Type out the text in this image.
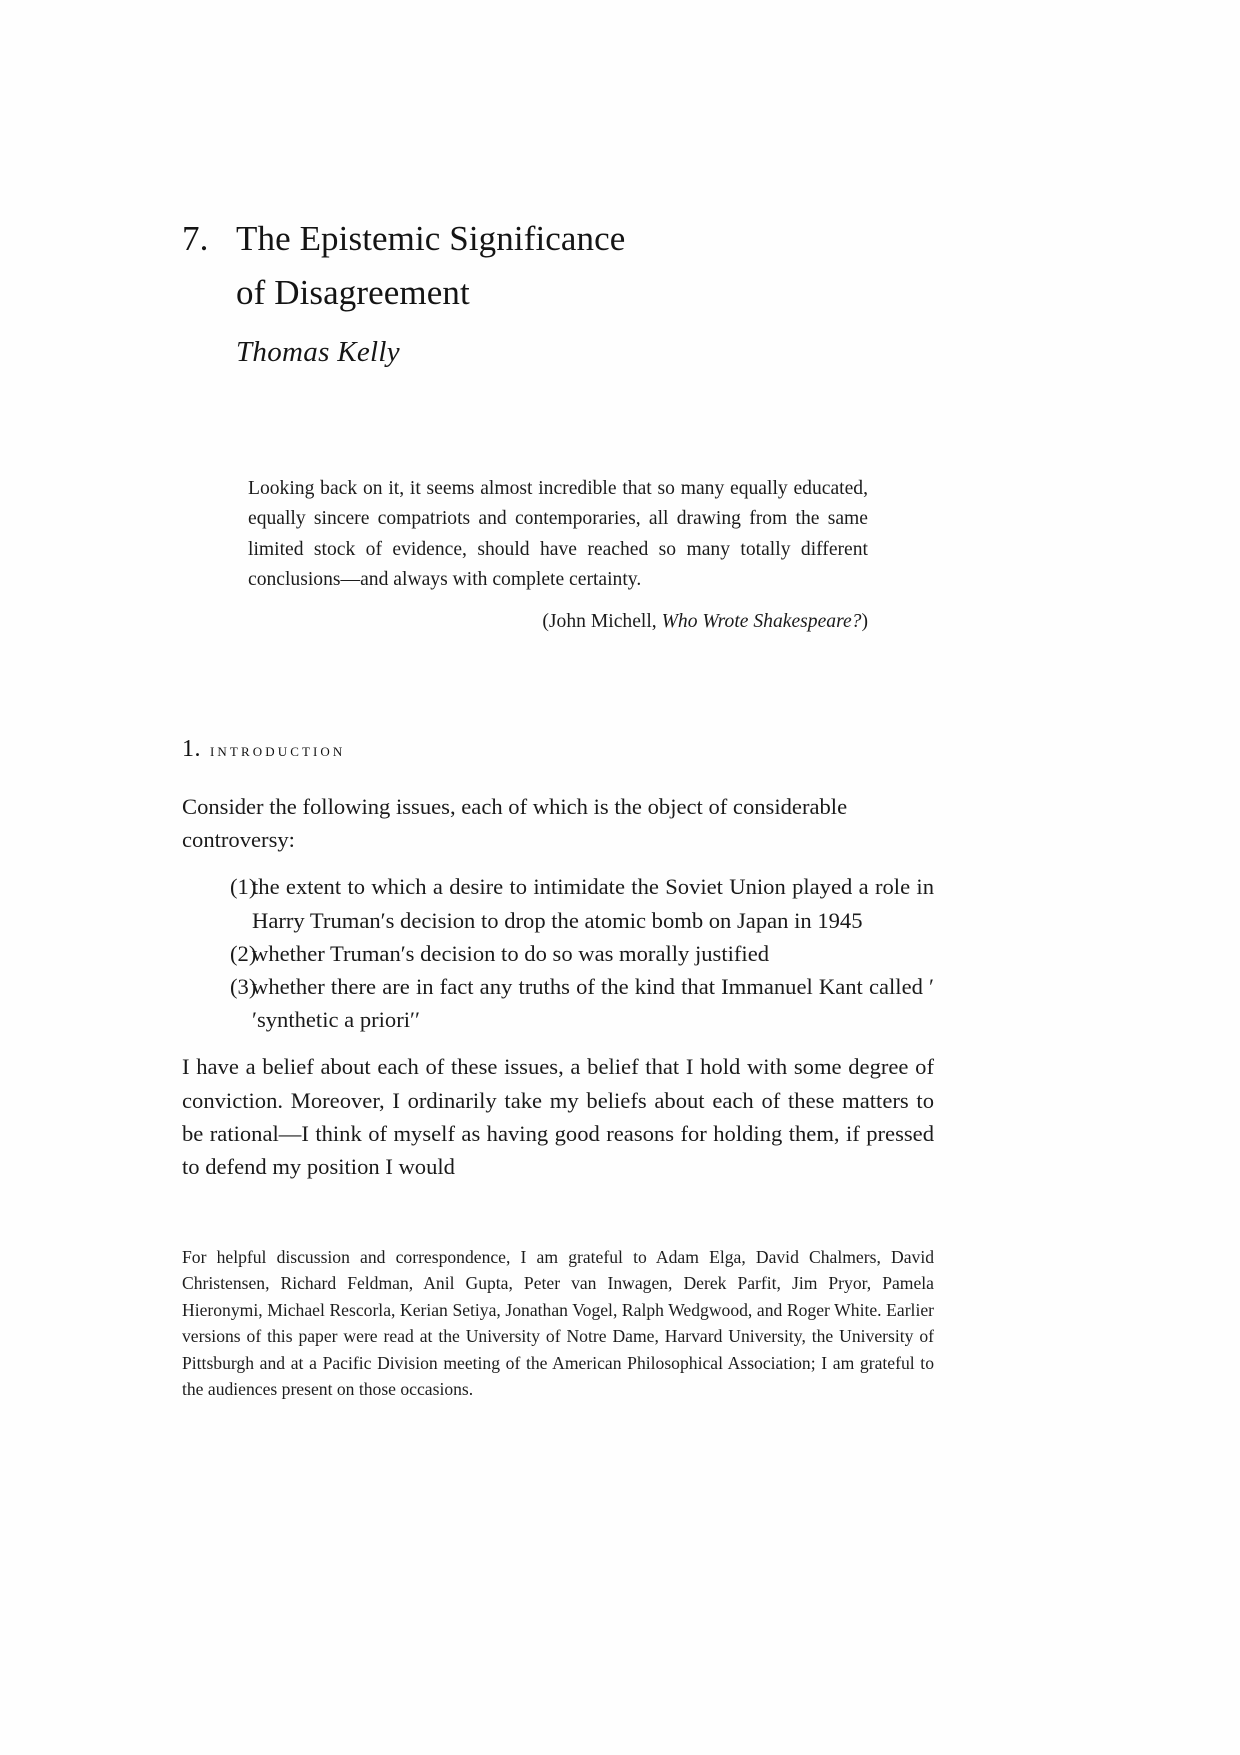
7. The Epistemic Significance
of Disagreement
Thomas Kelly

Looking back on it, it seems almost incredible that so many equally educated, equally sincere compatriots and contemporaries, all drawing from the same limited stock of evidence, should have reached so many totally different conclusions—and always with complete certainty.

(John Michell, Who Wrote Shakespeare?)
1. introduction

Consider the following issues, each of which is the object of considerable controversy:

(1)
the extent to which a desire to intimidate the Soviet Union played a role in Harry Truman′s decision to drop the atomic bomb on Japan in 1945
(2)
whether Truman′s decision to do so was morally justified
(3)
whether there are in fact any truths of the kind that Immanuel Kant called ′′synthetic a priori′′

I have a belief about each of these issues, a belief that I hold with some degree of conviction. Moreover, I ordinarily take my beliefs about each of these matters to be rational—I think of myself as having good reasons for holding them, if pressed to defend my position I would

For helpful discussion and correspondence, I am grateful to Adam Elga, David Chalmers, David Christensen, Richard Feldman, Anil Gupta, Peter van Inwagen, Derek Parfit, Jim Pryor, Pamela Hieronymi, Michael Rescorla, Kerian Setiya, Jonathan Vogel, Ralph Wedgwood, and Roger White. Earlier versions of this paper were read at the University of Notre Dame, Harvard University, the University of Pittsburgh and at a Pacific Division meeting of the American Philosophical Association; I am grateful to the audiences present on those occasions.
